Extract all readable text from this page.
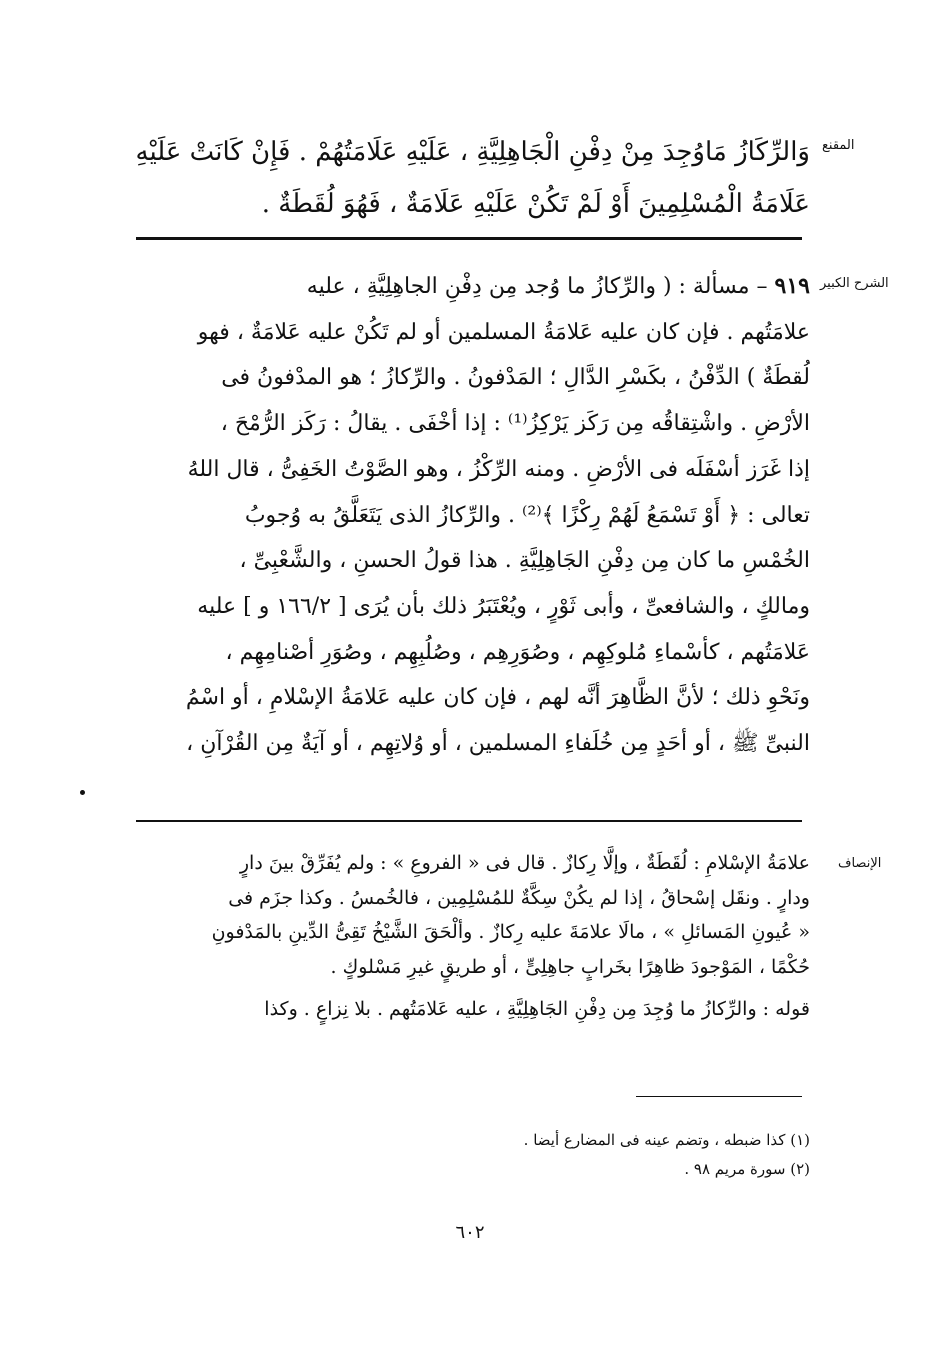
المقنع
الشرح الكبير
الإنصاف
وَالرِّكَازُ مَاوُجِدَ مِنْ دِفْنِ الْجَاهِلِيَّةِ ، عَلَيْهِ عَلَامَتُهُمْ . فَإِنْ كَانَتْ عَلَيْهِ
عَلَامَةُ الْمُسْلِمِينَ أَوْ لَمْ تَكُنْ عَلَيْهِ عَلَامَةٌ ، فَهُوَ لُقَطَةٌ .
٩١٩ – مسألة : ( والرِّكازُ ما وُجد مِن دِفْنِ الجاهِلِيَّةِ ، عليه
علامَتُهم . فإن كان عليه عَلامَةُ المسلمين أو لم تَكُنْ عليه عَلامَةٌ ، فهو
لُقطَةٌ ) الدِّفْنُ ، بكَسْرِ الدَّالِ ؛ المَدْفونُ . والرِّكازُ ؛ هو المدْفونُ فى
الأرْضِ . واشْتِقاقُه مِن رَكَز يَرْكِزُ⁽¹⁾ : إذا أخْفَى . يقالُ : رَكَز الرُّمْحَ ،
إذا غَرَز أسْفَلَه فى الأرْضِ . ومنه الرِّكْزُ ، وهو الصَّوْتُ الخَفِىُّ ، قال اللهُ
تعالى : ﴿ أَوْ تَسْمَعُ لَهُمْ رِكْزًا ﴾⁽²⁾ . والرِّكازُ الذى يَتَعَلَّقُ به وُجوبُ
الخُمْسِ ما كان مِن دِفْنِ الجَاهِلِيَّةِ . هذا قولُ الحسنِ ، والشَّعْبِىِّ ،
ومالكٍ ، والشافعىِّ ، وأبى ثَوْرٍ ، ويُعْتَبَرُ ذلك بأن يُرَى [ ١٦٦/٢ و ] عليه
عَلامَتُهم ، كأسْماءِ مُلوكِهِم ، وصُوَرِهِم ، وصُلُبِهِم ، وصُوَرِ أصْنامِهِم ،
ونَحْوِ ذلك ؛ لأنَّ الظَّاهِرَ أنَّه لهم ، فإن كان عليه عَلامَةُ الإسْلامِ ، أو اسْمُ
النبىِّ ﷺ ، أو أحَدٍ مِن خُلَفاءِ المسلمين ، أو وُلاتِهِم ، أو آيَةٌ مِن القُرْآنِ ،
علامَةُ الإسْلامِ : لُقَطَةٌ ، وإلَّا رِكازٌ . قال فى « الفروعِ » : ولم يُفَرِّقْ بينَ دارٍ
ودارٍ . ونقَل إسْحاقُ ، إذا لم يكُنْ سِكَّةٌ للمُسْلِمِين ، فالخُمسُ . وكذا جزَم فى
« عُيونِ المَسائلِ » ، مالَا علامَةَ عليه رِكازٌ . وألْحَقَ الشَّيْخُ تَقِىُّ الدِّينِ بالمَدْفونِ
حُكْمًا ، المَوْجودَ ظاهِرًا بخَرابٍ جاهِلِىٍّ ، أو طريقٍ غيرِ مَسْلوكٍ .
قوله : والرِّكازُ ما وُجِدَ مِن دِفْنِ الجَاهِلِيَّةِ ، عليه عَلامَتُهم . بلا نِزاعٍ . وكذا
(١) كذا ضبطه ، وتضم عينه فى المضارع أيضا .
(٢) سورة مريم ٩٨ .
٦٠٢
